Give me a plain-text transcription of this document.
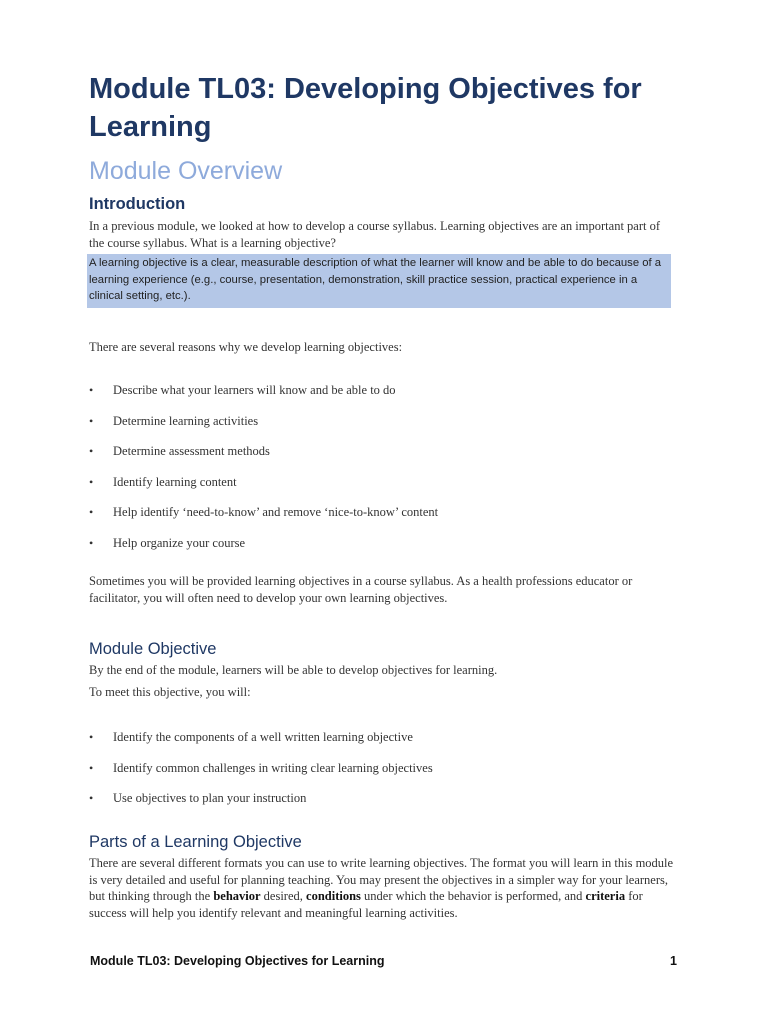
Module TL03: Developing Objectives for Learning
Module Overview
Introduction

In a previous module, we looked at how to develop a course syllabus. Learning objectives are an important part of the course syllabus. What is a learning objective?

A learning objective is a clear, measurable description of what the learner will know and be able to do because of a learning experience (e.g., course, presentation, demonstration, skill practice session, practical experience in a clinical setting, etc.).

There are several reasons why we develop learning objectives:

• Describe what your learners will know and be able to do
• Determine learning activities
• Determine assessment methods
• Identify learning content
• Help identify ‘need-to-know’ and remove ‘nice-to-know’ content
• Help organize your course

Sometimes you will be provided learning objectives in a course syllabus. As a health professions educator or facilitator, you will often need to develop your own learning objectives.

Module Objective

By the end of the module, learners will be able to develop objectives for learning.

To meet this objective, you will:

• Identify the components of a well written learning objective
• Identify common challenges in writing clear learning objectives
• Use objectives to plan your instruction
Parts of a Learning Objective

There are several different formats you can use to write learning objectives. The format you will learn in this module is very detailed and useful for planning teaching. You may present the objectives in a simpler way for your learners, but thinking through the behavior desired, conditions under which the behavior is performed, and criteria for success will help you identify relevant and meaningful learning activities.

Module TL03: Developing Objectives for Learning	1
